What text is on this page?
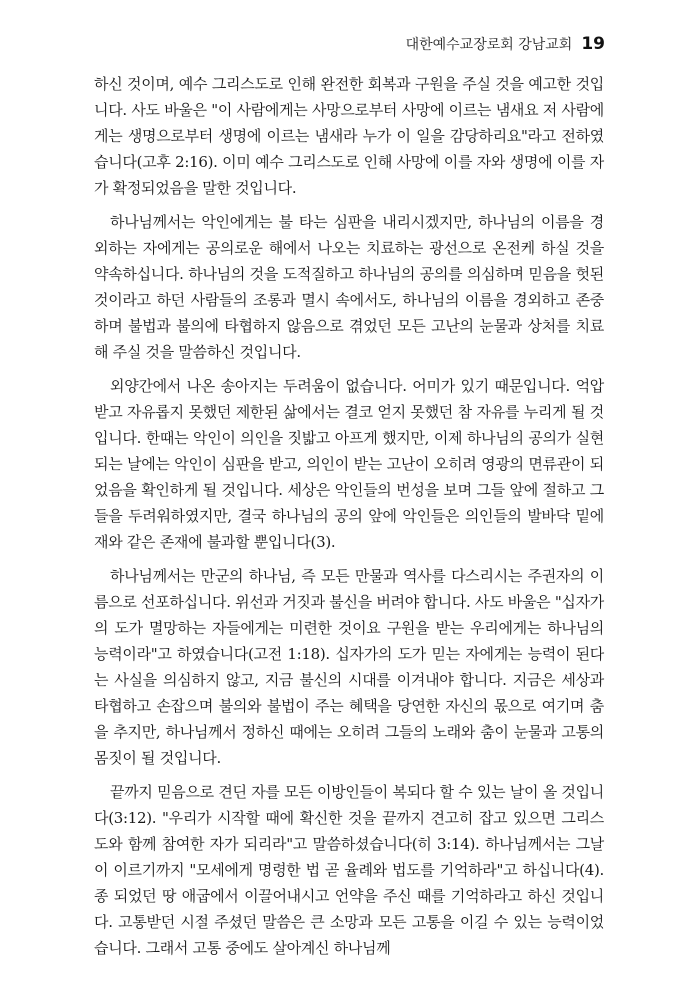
대한예수교장로회 강남교회 19

하신 것이며, 예수 그리스도로 인해 완전한 회복과 구원을 주실 것을 예고한 것입니다. 사도 바울은 "이 사람에게는 사망으로부터 사망에 이르는 냄새요 저 사람에게는 생명으로부터 생명에 이르는 냄새라 누가 이 일을 감당하리요"라고 전하였습니다(고후 2:16). 이미 예수 그리스도로 인해 사망에 이를 자와 생명에 이를 자가 확정되었음을 말한 것입니다.

하나님께서는 악인에게는 불 타는 심판을 내리시겠지만, 하나님의 이름을 경외하는 자에게는 공의로운 해에서 나오는 치료하는 광선으로 온전케 하실 것을 약속하십니다. 하나님의 것을 도적질하고 하나님의 공의를 의심하며 믿음을 헛된 것이라고 하던 사람들의 조롱과 멸시 속에서도, 하나님의 이름을 경외하고 존중하며 불법과 불의에 타협하지 않음으로 겪었던 모든 고난의 눈물과 상처를 치료해 주실 것을 말씀하신 것입니다.

외양간에서 나온 송아지는 두려움이 없습니다. 어미가 있기 때문입니다. 억압받고 자유롭지 못했던 제한된 삶에서는 결코 얻지 못했던 참 자유를 누리게 될 것입니다. 한때는 악인이 의인을 짓밟고 아프게 했지만, 이제 하나님의 공의가 실현되는 날에는 악인이 심판을 받고, 의인이 받는 고난이 오히려 영광의 면류관이 되었음을 확인하게 될 것입니다. 세상은 악인들의 번성을 보며 그들 앞에 절하고 그들을 두려워하였지만, 결국 하나님의 공의 앞에 악인들은 의인들의 발바닥 밑에 재와 같은 존재에 불과할 뿐입니다(3).

하나님께서는 만군의 하나님, 즉 모든 만물과 역사를 다스리시는 주권자의 이름으로 선포하십니다. 위선과 거짓과 불신을 버려야 합니다. 사도 바울은 "십자가의 도가 멸망하는 자들에게는 미련한 것이요 구원을 받는 우리에게는 하나님의 능력이라"고 하였습니다(고전 1:18). 십자가의 도가 믿는 자에게는 능력이 된다는 사실을 의심하지 않고, 지금 불신의 시대를 이겨내야 합니다. 지금은 세상과 타협하고 손잡으며 불의와 불법이 주는 혜택을 당연한 자신의 몫으로 여기며 춤을 추지만, 하나님께서 정하신 때에는 오히려 그들의 노래와 춤이 눈물과 고통의 몸짓이 될 것입니다.

끝까지 믿음으로 견딘 자를 모든 이방인들이 복되다 할 수 있는 날이 올 것입니다(3:12). "우리가 시작할 때에 확신한 것을 끝까지 견고히 잡고 있으면 그리스도와 함께 참여한 자가 되리라"고 말씀하셨습니다(히 3:14). 하나님께서는 그날이 이르기까지 "모세에게 명령한 법 곧 율례와 법도를 기억하라"고 하십니다(4). 종 되었던 땅 애굽에서 이끌어내시고 언약을 주신 때를 기억하라고 하신 것입니다. 고통받던 시절 주셨던 말씀은 큰 소망과 모든 고통을 이길 수 있는 능력이었습니다. 그래서 고통 중에도 살아계신 하나님께
